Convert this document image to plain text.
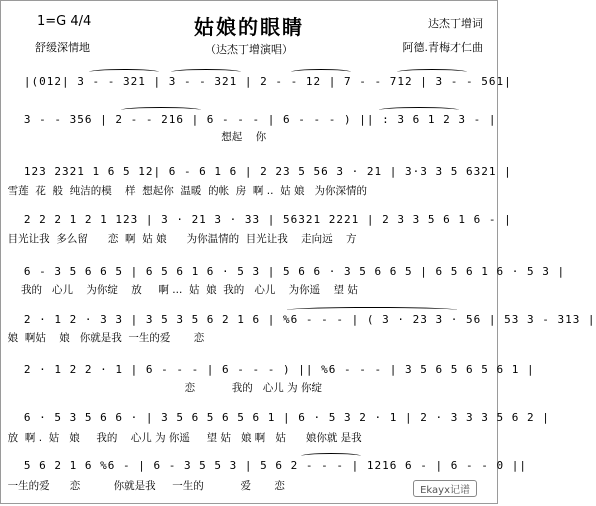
姑娘的眼睛
（达杰丁增演唱）
1=G 4/4
舒缓深情地
达杰丁增词
阿德.青梅才仁曲
|(012| 3 - - 321 | 3 - - 321 | 2 - - 12 | 7 - - 712 | 3 - - 561|
3 - - 356 | 2 - - 216 | 6 - - - | 6 - - - ) || : 3 6 1 2 3 - |
想起    你
123 2321 1 6 5 12| 6 - 6 1 6 | 2 23 5 56 3 · 21 | 3·3 3 5 6321 |
雪莲  花  般  纯洁的模    样  想起你  温暖  的帐  房  啊 ..  姑 娘   为你深情的
2 2 2 1 2 1 123 | 3 · 21 3 · 33 | 56321 2221 | 2 3 3 5 6 1 6 - |
目光让我  多么留      恋  啊  姑 娘      为你温情的  目光让我    走向远    方
6 - 3 5 6 6 5 | 6 5 6 1 6 · 5 3 | 5 6 6 · 3 5 6 6 5 | 6 5 6 1 6 · 5 3 |
我的   心儿    为你绽    放     啊 ...  姑  娘  我的   心儿    为你遥    望 姑
2 · 1 2 · 3 3 | 3 5 3 5 6 2 1 6 | %6 - - - | ( 3 · 23 3 · 56 | 53 3 - 313 |
娘  啊姑    娘   你就是我  一生的爱       恋
2 · 1 2 2 · 1 | 6 - - - | 6 - - - ) || %6 - - - | 3 5 6 5 6 5 6 1 |
恋           我的   心儿 为 你绽
6 · 5 3 5 6 6 · | 3 5 6 5 6 5 6 1 | 6 · 5 3 2 · 1 | 2 · 3 3 3 5 6 2 |
放  啊 .  姑   娘     我的    心儿 为 你遥     望 姑   娘 啊   姑      娘你就 是我
5 6 2 1 6 %6 - | 6 - 3 5 5 3 | 5 6 2 - - - | 1216 6 - | 6 - - 0 ||
一生的爱      恋          你就是我     一生的           爱       恋	Ekayx记谱
